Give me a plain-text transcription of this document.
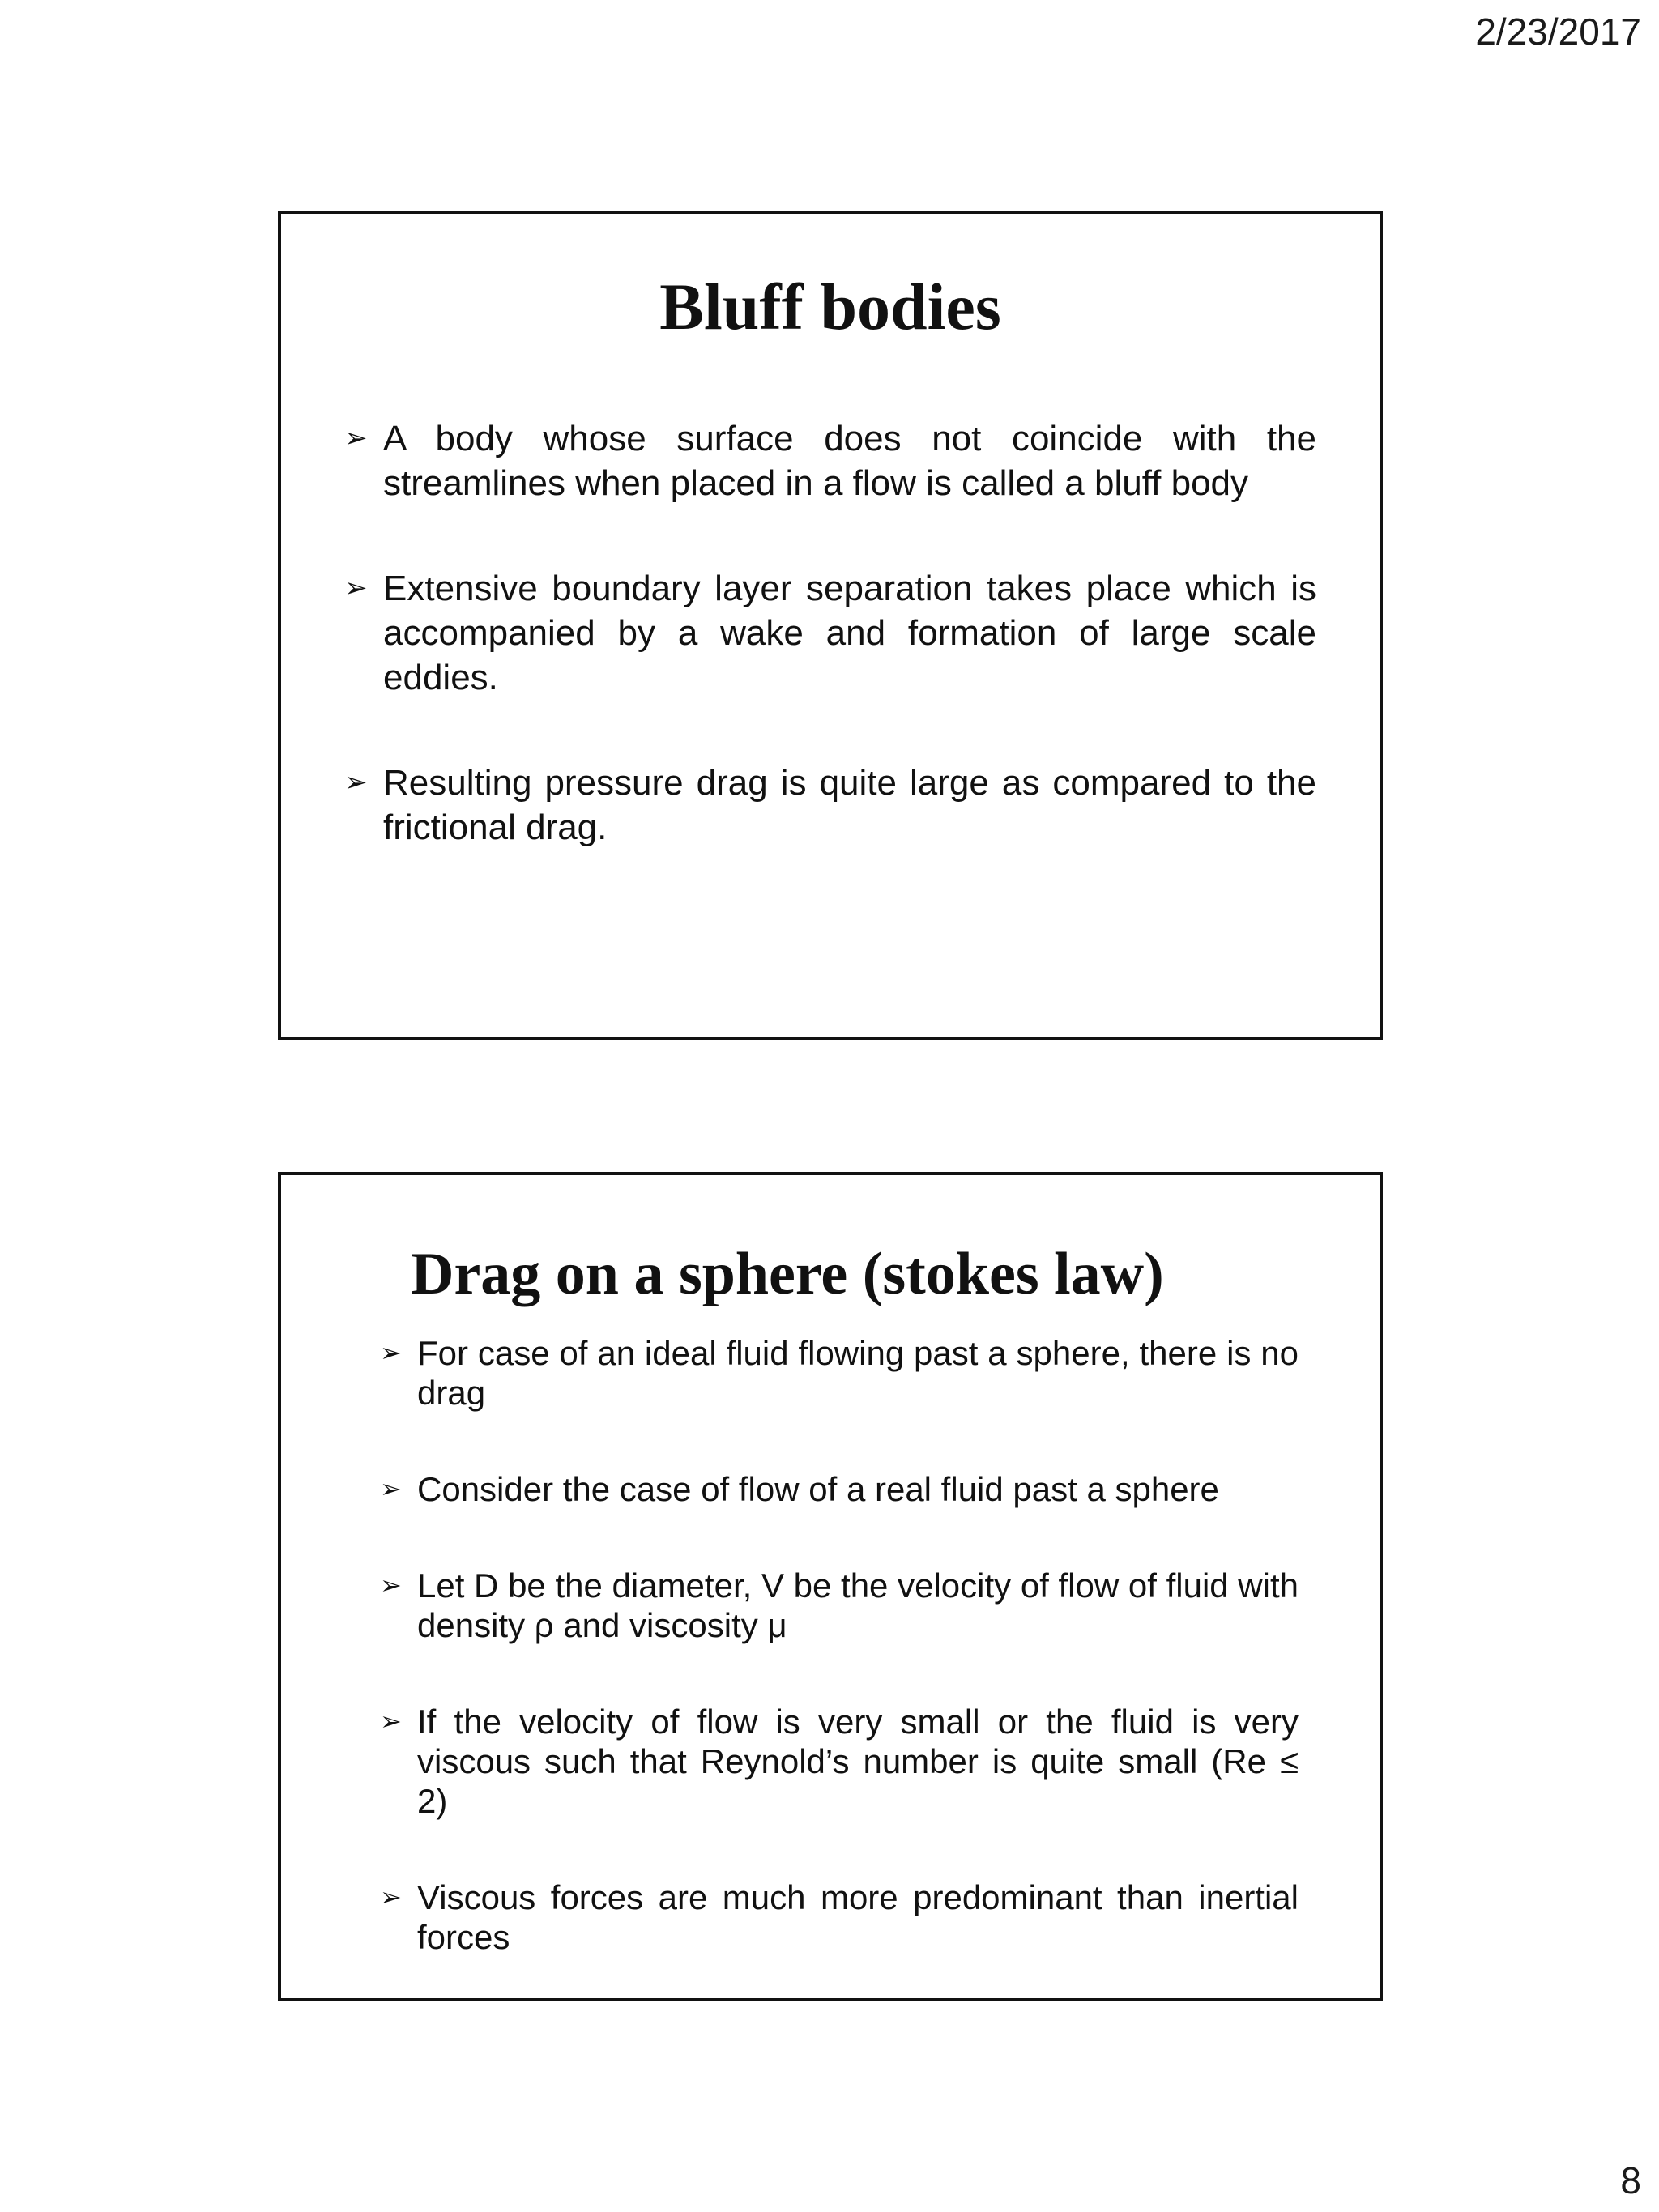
2/23/2017
Bluff bodies
➢ A body whose surface does not coincide with the streamlines when placed in a flow is called a bluff body
➢ Extensive boundary layer separation takes place which is accompanied by a wake and formation of large scale eddies.
➢ Resulting pressure drag is quite large as compared to the frictional drag.
Drag on a sphere (stokes law)
➢ For case of an ideal fluid flowing past a sphere, there is no drag
➢ Consider the case of flow of a real fluid past a sphere
➢ Let D be the diameter, V be the velocity of flow of fluid with density ρ and viscosity μ
➢ If the velocity of flow is very small or the fluid is very viscous such that Reynold’s number is quite small (Re ≤ 2)
➢ Viscous forces are much more predominant than inertial forces
8
